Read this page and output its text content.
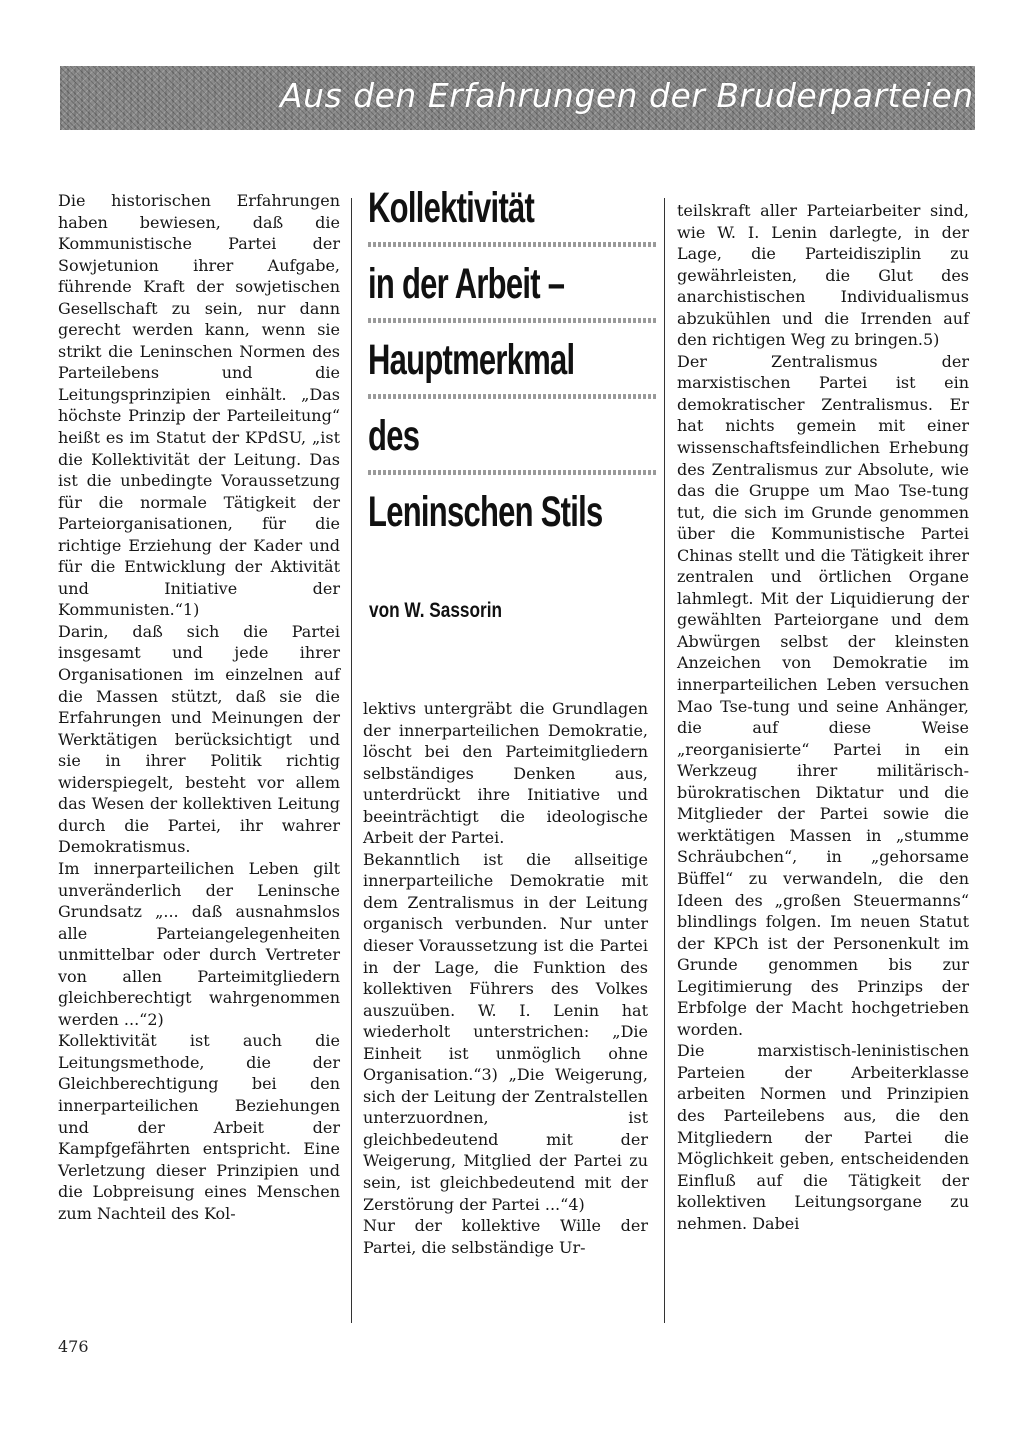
Aus den Erfahrungen der Bruderparteien

Die historischen Erfahrungen haben bewiesen, daß die Kommunistische Partei der Sowjetunion ihrer Aufgabe, führende Kraft der sowjetischen Gesellschaft zu sein, nur dann gerecht werden kann, wenn sie strikt die Leninschen Normen des Parteilebens und die Leitungsprinzipien einhält. „Das höchste Prinzip der Parteileitung“ heißt es im Statut der KPdSU, „ist die Kollektivität der Leitung. Das ist die unbedingte Voraussetzung für die normale Tätigkeit der Parteiorganisationen, für die richtige Erziehung der Kader und für die Entwicklung der Aktivität und Initiative der Kommunisten.“1)

Darin, daß sich die Partei insgesamt und jede ihrer Organisationen im einzelnen auf die Massen stützt, daß sie die Erfahrungen und Meinungen der Werktätigen berücksichtigt und sie in ihrer Politik richtig widerspiegelt, besteht vor allem das Wesen der kollektiven Leitung durch die Partei, ihr wahrer Demokratismus.

Im innerparteilichen Leben gilt unveränderlich der Leninsche Grundsatz „... daß ausnahmslos alle Parteiangelegenheiten unmittelbar oder durch Vertreter von allen Parteimitgliedern gleichberechtigt wahrgenommen werden ...“2)

Kollektivität ist auch die Leitungsmethode, die der Gleichberechtigung bei den innerparteilichen Beziehungen und der Arbeit der Kampfgefährten entspricht. Eine Verletzung dieser Prinzipien und die Lobpreisung eines Menschen zum Nachteil des Kol-

Kollektivität
in der Arbeit –
Hauptmerkmal
des
Leninschen Stils

von W. Sassorin

lektivs untergräbt die Grundlagen der innerparteilichen Demokratie, löscht bei den Parteimitgliedern selbständiges Denken aus, unterdrückt ihre Initiative und beeinträchtigt die ideologische Arbeit der Partei.

Bekanntlich ist die allseitige innerparteiliche Demokratie mit dem Zentralismus in der Leitung organisch verbunden. Nur unter dieser Voraussetzung ist die Partei in der Lage, die Funktion des kollektiven Führers des Volkes auszuüben. W. I. Lenin hat wiederholt unterstrichen: „Die Einheit ist unmöglich ohne Organisation.“3) „Die Weigerung, sich der Leitung der Zentralstellen unterzuordnen, ist gleichbedeutend mit der Weigerung, Mitglied der Partei zu sein, ist gleichbedeutend mit der Zerstörung der Partei ...“4)

Nur der kollektive Wille der Partei, die selbständige Ur-

teilskraft aller Parteiarbeiter sind, wie W. I. Lenin darlegte, in der Lage, die Parteidisziplin zu gewährleisten, die Glut des anarchistischen Individualismus abzukühlen und die Irrenden auf den richtigen Weg zu bringen.5)

Der Zentralismus der marxistischen Partei ist ein demokratischer Zentralismus. Er hat nichts gemein mit einer wissenschaftsfeindlichen Erhebung des Zentralismus zur Absolute, wie das die Gruppe um Mao Tse-tung tut, die sich im Grunde genommen über die Kommunistische Partei Chinas stellt und die Tätigkeit ihrer zentralen und örtlichen Organe lahmlegt. Mit der Liquidierung der gewählten Parteiorgane und dem Abwürgen selbst der kleinsten Anzeichen von Demokratie im innerparteilichen Leben versuchen Mao Tse-tung und seine Anhänger, die auf diese Weise „reorganisierte“ Partei in ein Werkzeug ihrer militärisch-bürokratischen Diktatur und die Mitglieder der Partei sowie die werktätigen Massen in „stumme Schräubchen“, in „gehorsame Büffel“ zu verwandeln, die den Ideen des „großen Steuermanns“ blindlings folgen. Im neuen Statut der KPCh ist der Personenkult im Grunde genommen bis zur Legitimierung des Prinzips der Erbfolge der Macht hochgetrieben worden.

Die marxistisch-leninistischen Parteien der Arbeiterklasse arbeiten Normen und Prinzipien des Parteilebens aus, die den Mitgliedern der Partei die Möglichkeit geben, entscheidenden Einfluß auf die Tätigkeit der kollektiven Leitungsorgane zu nehmen. Dabei

476
